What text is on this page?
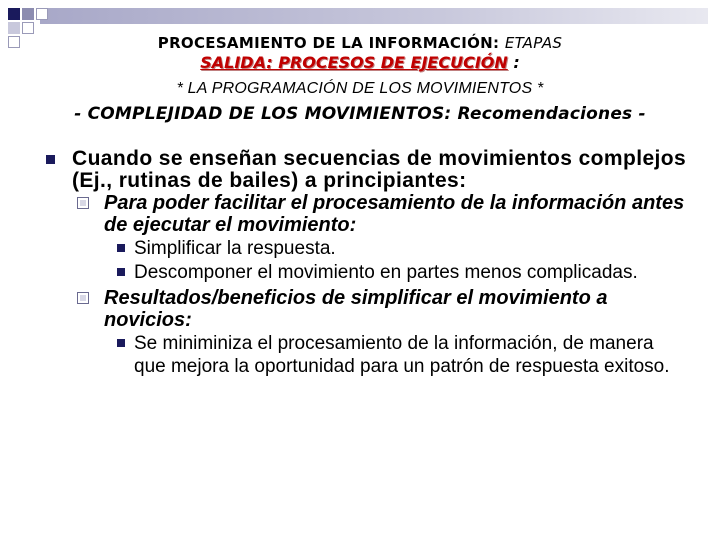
PROCESAMIENTO DE LA INFORMACIÓN: ETAPAS
SALIDA: PROCESOS DE EJECUCIÓN :
* LA PROGRAMACIÓN DE LOS MOVIMIENTOS *
- COMPLEJIDAD DE LOS MOVIMIENTOS: Recomendaciones -
Cuando se enseñan secuencias de movimientos complejos (Ej., rutinas de bailes) a principiantes:
Para poder facilitar el procesamiento de la información antes de ejecutar el movimiento:
Simplificar la respuesta.
Descomponer el movimiento en partes menos complicadas.
Resultados/beneficios de simplificar el movimiento a novicios:
Se miniminiza el procesamiento de la información, de manera que mejora la oportunidad para un patrón de respuesta exitoso.
